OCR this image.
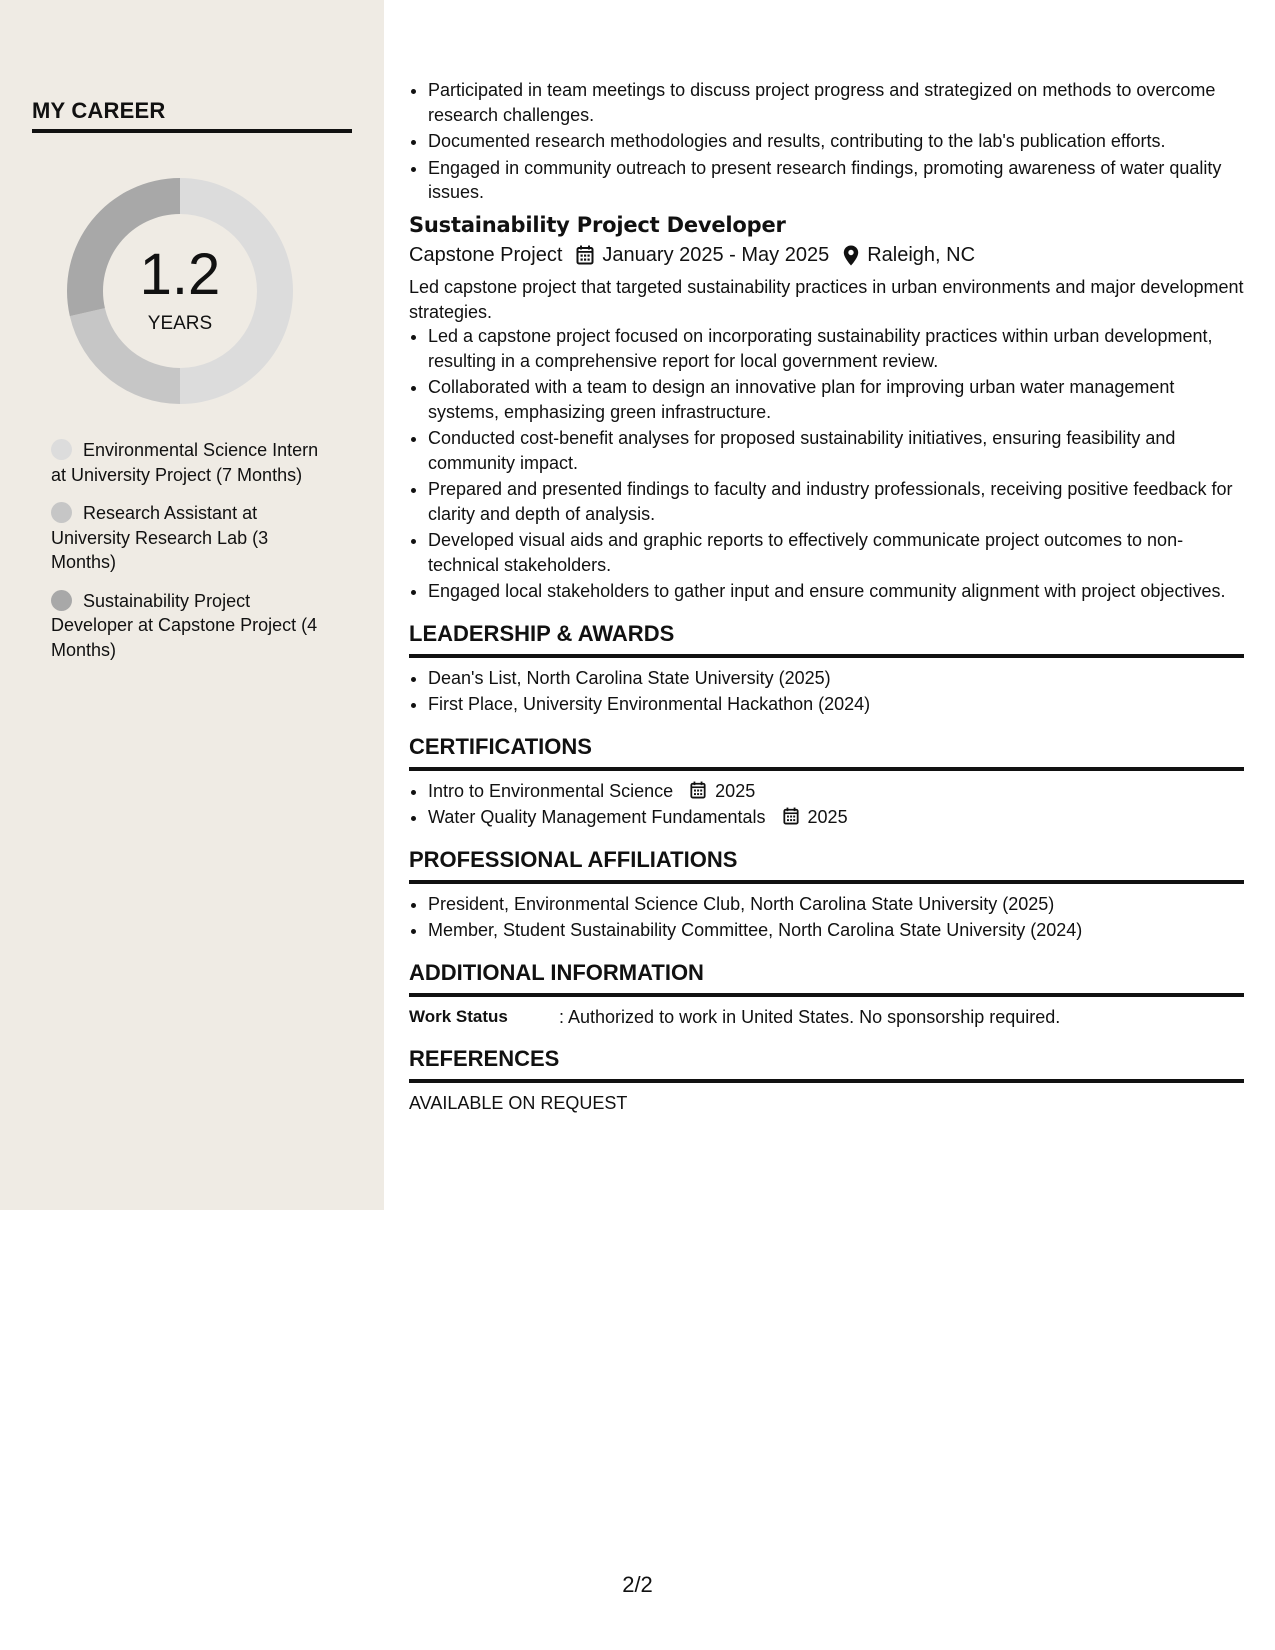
MY CAREER
1.2
YEARS
Environmental Science Intern at University Project (7 Months)
Research Assistant at University Research Lab (3 Months)
Sustainability Project Developer at Capstone Project (4 Months)
• Participated in team meetings to discuss project progress and strategized on methods to overcome research challenges.
• Documented research methodologies and results, contributing to the lab's publication efforts.
• Engaged in community outreach to present research findings, promoting awareness of water quality issues.
Sustainability Project Developer
Capstone Project January 2025 - May 2025 Raleigh, NC

Led capstone project that targeted sustainability practices in urban environments and major development strategies.

• Led a capstone project focused on incorporating sustainability practices within urban development, resulting in a comprehensive report for local government review.
• Collaborated with a team to design an innovative plan for improving urban water management systems, emphasizing green infrastructure.
• Conducted cost-benefit analyses for proposed sustainability initiatives, ensuring feasibility and community impact.
• Prepared and presented findings to faculty and industry professionals, receiving positive feedback for clarity and depth of analysis.
• Developed visual aids and graphic reports to effectively communicate project outcomes to non-technical stakeholders.
• Engaged local stakeholders to gather input and ensure community alignment with project objectives.
LEADERSHIP & AWARDS
• Dean's List, North Carolina State University (2025)
• First Place, University Environmental Hackathon (2024)
CERTIFICATIONS
• Intro to Environmental Science 2025
• Water Quality Management Fundamentals 2025
PROFESSIONAL AFFILIATIONS
• President, Environmental Science Club, North Carolina State University (2025)
• Member, Student Sustainability Committee, North Carolina State University (2024)
ADDITIONAL INFORMATION
Work Status	: Authorized to work in United States. No sponsorship required.
REFERENCES
AVAILABLE ON REQUEST
2/2
